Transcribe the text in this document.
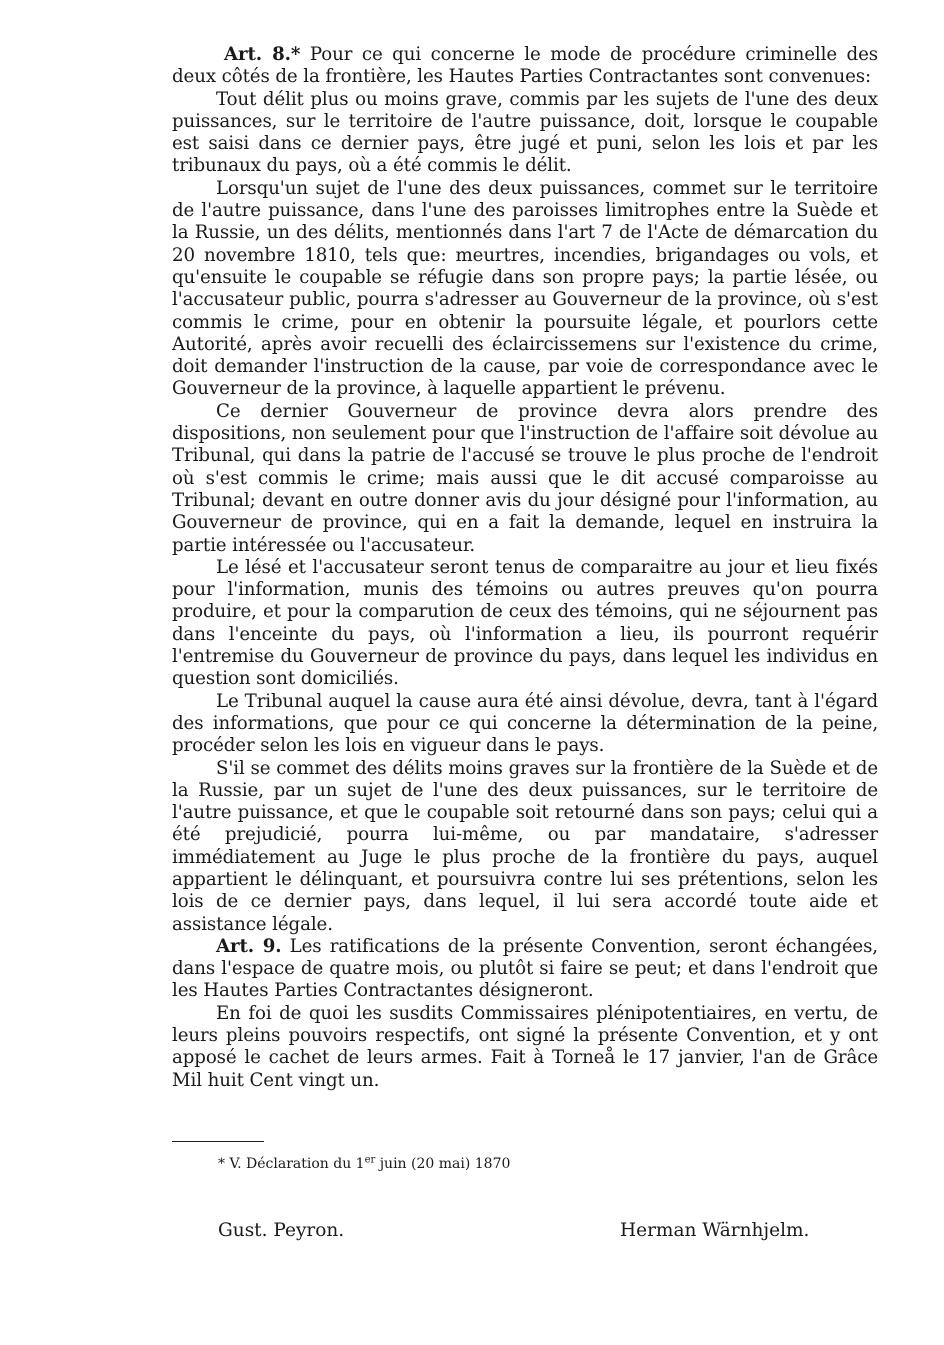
Art. 8.* Pour ce qui concerne le mode de procédure criminelle des deux côtés de la frontière, les Hautes Parties Contractantes sont convenues:

Tout délit plus ou moins grave, commis par les sujets de l'une des deux puissances, sur le territoire de l'autre puissance, doit, lorsque le coupable est saisi dans ce dernier pays, être jugé et puni, selon les lois et par les tribunaux du pays, où a été commis le délit.

Lorsqu'un sujet de l'une des deux puissances, commet sur le territoire de l'autre puissance, dans l'une des paroisses limitrophes entre la Suède et la Russie, un des délits, mentionnés dans l'art 7 de l'Acte de démarcation du 20 novembre 1810, tels que: meurtres, incendies, brigandages ou vols, et qu'ensuite le coupable se réfugie dans son propre pays; la partie lésée, ou l'accusateur public, pourra s'adresser au Gouverneur de la province, où s'est commis le crime, pour en obtenir la poursuite légale, et pourlors cette Autorité, après avoir recuelli des éclaircissemens sur l'existence du crime, doit demander l'instruction de la cause, par voie de correspondance avec le Gouverneur de la province, à laquelle appartient le prévenu.

Ce dernier Gouverneur de province devra alors prendre des dispositions, non seulement pour que l'instruction de l'affaire soit dévolue au Tribunal, qui dans la patrie de l'accusé se trouve le plus proche de l'endroit où s'est commis le crime; mais aussi que le dit accusé comparoisse au Tribunal; devant en outre donner avis du jour désigné pour l'information, au Gouverneur de province, qui en a fait la demande, lequel en instruira la partie intéressée ou l'accusateur.

Le lésé et l'accusateur seront tenus de comparaitre au jour et lieu fixés pour l'information, munis des témoins ou autres preuves qu'on pourra produire, et pour la comparution de ceux des témoins, qui ne séjournent pas dans l'enceinte du pays, où l'information a lieu, ils pourront requérir l'entremise du Gouverneur de province du pays, dans lequel les individus en question sont domiciliés.

Le Tribunal auquel la cause aura été ainsi dévolue, devra, tant à l'égard des informations, que pour ce qui concerne la détermination de la peine, procéder selon les lois en vigueur dans le pays.

S'il se commet des délits moins graves sur la frontière de la Suède et de la Russie, par un sujet de l'une des deux puissances, sur le territoire de l'autre puissance, et que le coupable soit retourné dans son pays; celui qui a été prejudicié, pourra lui-même, ou par mandataire, s'adresser immédiatement au Juge le plus proche de la frontière du pays, auquel appartient le délinquant, et poursuivra contre lui ses prétentions, selon les lois de ce dernier pays, dans lequel, il lui sera accordé toute aide et assistance légale.

Art. 9. Les ratifications de la présente Convention, seront échangées, dans l'espace de quatre mois, ou plutôt si faire se peut; et dans l'endroit que les Hautes Parties Contractantes désigneront.

En foi de quoi les susdits Commissaires plénipotentiaires, en vertu, de leurs pleins pouvoirs respectifs, ont signé la présente Convention, et y ont apposé le cachet de leurs armes. Fait à Torneå le 17 janvier, l'an de Grâce Mil huit Cent vingt un.

* V. Déclaration du 1er juin (20 mai) 1870

Gust. Peyron.	Herman Wärnhjelm.
